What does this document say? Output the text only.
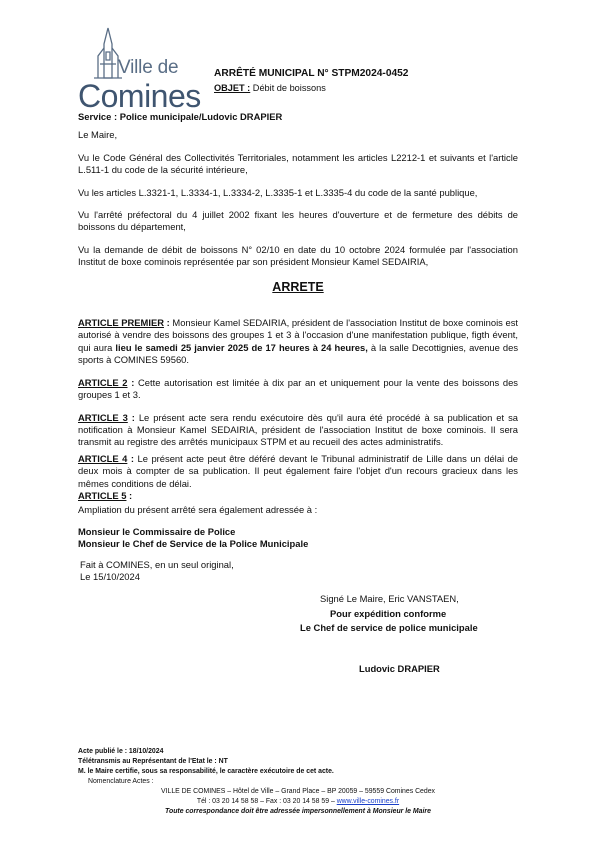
Ville de
Comines
ARRÊTÉ MUNICIPAL N° STPM2024-0452
OBJET : Débit de boissons

Service : Police municipale/Ludovic DRAPIER

Le Maire,

Vu le Code Général des Collectivités Territoriales, notamment les articles L2212-1 et suivants et l'article L.511-1 du code de la sécurité intérieure,

Vu les articles L.3321-1, L.3334-1, L.3334-2, L.3335-1 et L.3335-4 du code de la santé publique,

Vu l'arrêté préfectoral du 4 juillet 2002 fixant les heures d'ouverture et de fermeture des débits de boissons du département,

Vu la demande de débit de boissons N° 02/10 en date du 10 octobre 2024 formulée par l'association Institut de boxe cominois représentée par son président Monsieur Kamel SEDAIRIA,

ARRETE

ARTICLE PREMIER : Monsieur Kamel SEDAIRIA, président de l'association Institut de boxe cominois est autorisé à vendre des boissons des groupes 1 et 3 à l'occasion d'une manifestation publique, figth évent, qui aura lieu le samedi 25 janvier 2025 de 17 heures à 24 heures, à la salle Decottignies, avenue des sports à COMINES 59560.

ARTICLE 2 : Cette autorisation est limitée à dix par an et uniquement pour la vente des boissons des groupes 1 et 3.

ARTICLE 3 : Le présent acte sera rendu exécutoire dès qu'il aura été procédé à sa publication et sa notification à Monsieur Kamel SEDAIRIA, président de l'association Institut de boxe cominois. Il sera transmit au registre des arrêtés municipaux STPM et au recueil des actes administratifs.

ARTICLE 4 : Le présent acte peut être déféré devant le Tribunal administratif de Lille dans un délai de deux mois à compter de sa publication. Il peut également faire l'objet d'un recours gracieux dans les mêmes conditions de délai.

ARTICLE 5 :

Ampliation du présent arrêté sera également adressée à :

Monsieur le Commissaire de Police

Monsieur le Chef de Service de la Police Municipale

Fait à COMINES, en un seul original,

Le 15/10/2024

Signé Le Maire, Eric VANSTAEN,

Pour expédition conforme

Le Chef de service de police municipale

Ludovic DRAPIER

Acte publié le : 18/10/2024
Télétransmis au Représentant de l'Etat le : NT
M. le Maire certifie, sous sa responsabilité, le caractère exécutoire de cet acte.
Nomenclature Actes :
VILLE DE COMINES – Hôtel de Ville – Grand Place – BP 20059 – 59559 Comines Cedex
Tél : 03 20 14 58 58 – Fax : 03 20 14 58 59 – www.ville-comines.fr
Toute correspondance doit être adressée impersonnellement à Monsieur le Maire
